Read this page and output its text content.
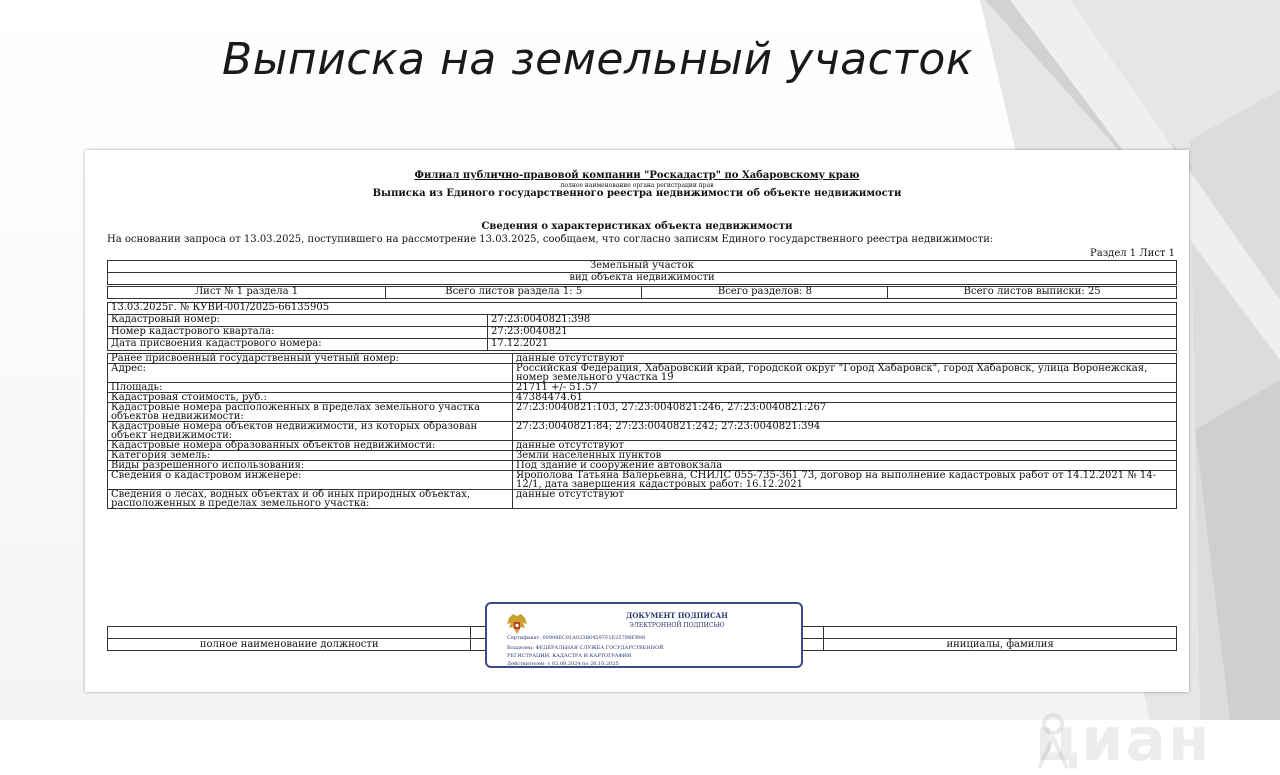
Выписка на земельный участок
Филиал публично-правовой компании "Роскадастр" по Хабаровскому краю
полное наименование органа регистрации прав
Выписка из Единого государственного реестра недвижимости об объекте недвижимости
Сведения о характеристиках объекта недвижимости
На основании запроса от 13.03.2025, поступившего на рассмотрение 13.03.2025, сообщаем, что согласно записям Единого государственного реестра недвижимости:
Раздел 1 Лист 1
Земельный участок
вид объекта недвижимости
Лист № 1 раздела 1	Всего листов раздела 1: 5	Всего разделов: 8	Всего листов выписки: 25
13.03.2025г. № КУВИ-001/2025-66135905	
Кадастровый номер:	27:23:0040821:398
Номер кадастрового квартала:	27:23:0040821
Дата присвоения кадастрового номера:	17.12.2021
Ранее присвоенный государственный учетный номер:	данные отсутствуют
Адрес:	Российская Федерация, Хабаровский край, городской округ "Город Хабаровск", город Хабаровск, улица Воронежская, номер земельного участка 19
Площадь:	21711 +/- 51.57
Кадастровая стоимость, руб.:	47384474.61
Кадастровые номера расположенных в пределах земельного участка объектов недвижимости:	27:23:0040821:103, 27:23:0040821:246, 27:23:0040821:267
Кадастровые номера объектов недвижимости, из которых образован объект недвижимости:	27:23:0040821:84; 27:23:0040821:242; 27:23:0040821:394
Кадастровые номера образованных объектов недвижимости:	данные отсутствуют
Категория земель:	Земли населенных пунктов
Виды разрешенного использования:	Под здание и сооружение автовокзала
Сведения о кадастровом инженере:	Ярополова Татьяна Валерьевна, СНИЛС 055-735-361 73, договор на выполнение кадастровых работ от 14.12.2021 № 14-12/1, дата завершения кадастровых работ: 16.12.2021
Сведения о лесах, водных объектах и об иных природных объектах, расположенных в пределах земельного участка:	данные отсутствуют

полное наименование должности		инициалы, фамилия
ДОКУМЕНТ ПОДПИСАН
ЭЛЕКТРОННОЙ ПОДПИСЬЮ
Сертификат: 00998EC81A023B64597F1E2579BFB98
Владелец: ФЕДЕРАЛЬНАЯ СЛУЖБА ГОСУДАРСТВЕННОЙ
РЕГИСТРАЦИИ, КАДАСТРА И КАРТОГРАФИИ
Действителен: с 02.08.2024 по 26.10.2025
циан
